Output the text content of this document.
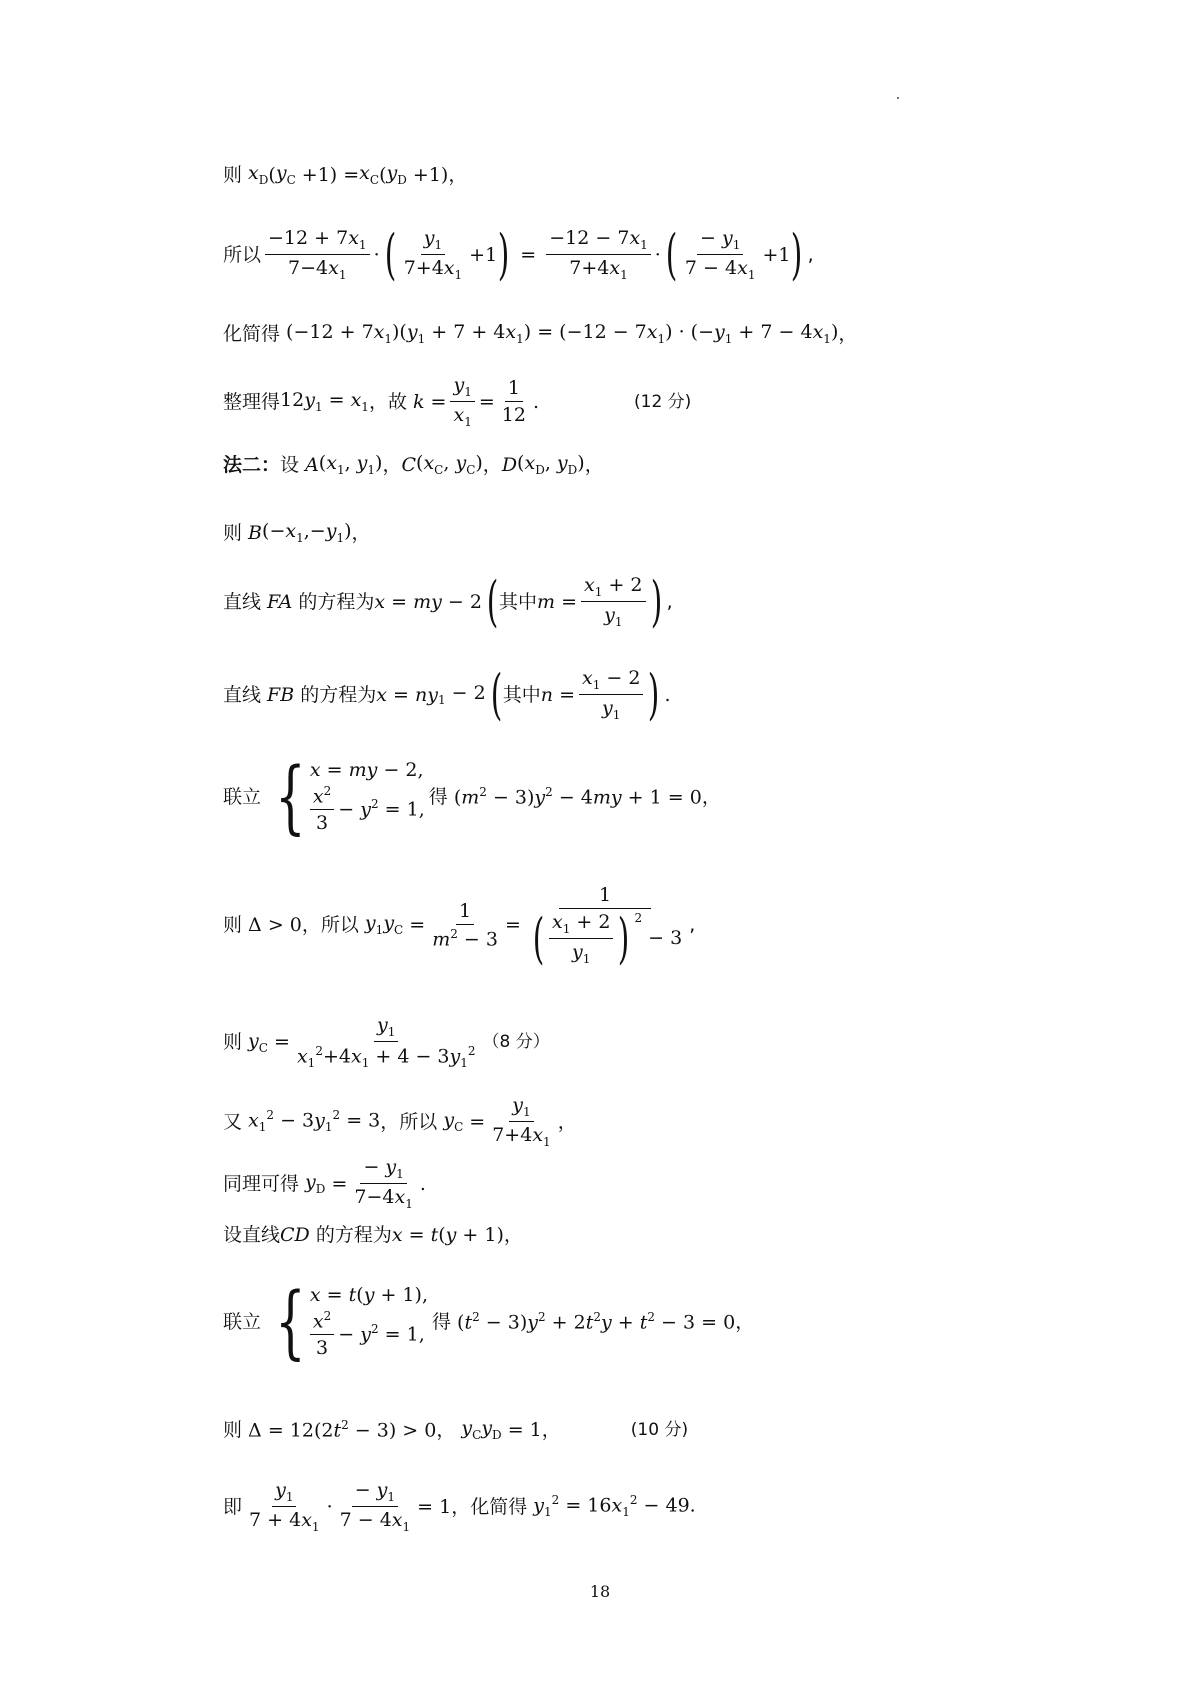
则 $x_D$ ( $y_C +1) = x_C$ ( $y_D +1$) ，
所以 $\frac{-12 + 7x_1}{7-4x_1}$ · ( $\frac{y_1}{7+4x_1} +1$ ) = $\frac{-12 - 7x_1}{7+4x_1}$ · ( $\frac{- y_1}{7 - 4x_1} +1$ ) ,
化简得 $(-12 + 7x_1)(y_1 + 7 + 4x_1) = (-12 - 7x_1) \cdot (-y_1 + 7 - 4x_1)$ ，
整理得 $12y_1 = x_1$ ，故 $k = \frac{y_1}{x_1} = \frac{1}{12}$ .	(12 分)
法二： 设 A ($x_1$, $y_1$) ， C ($x_C$, $y_C$) ， D ($x_D$, $y_D$) ，
则 B $(-x_1,-y_1)$ ，
直线 FA 的方程为 x = my − 2 ( 其中 $m = \frac{x_1 + 2}{y_1}$ ) ,
直线 FB 的方程为 x = ny $_1$ − 2 ( 其中 $n = \frac{x_1 - 2}{y_1}$ ) .
联立 { x = my − 2,
$\frac{x^2}{3} - y^2 = 1$,
得 $(m^2 - 3)y^2 - 4my + 1 = 0$ ，
则 Δ > 0 ，所以 $y_1y_C = \frac{1}{m^2 - 3} = 1$
( $\frac{x_1 + 2}{y_1}$ ) $^2$
− 3 ,
则 $y_C = \frac{y_1}{x_1^2+4x_1 + 4 - 3y_1^2} (8$ 分）
又 $x_1^2 - 3y_1^2 = 3$ ，所以 $y_C = \frac{y_1}{7+4x_1}$ ，
同理可得 $y_D = \frac{- y_1}{7-4x_1}$ .
设直线 CD 的方程为 x = t(y + 1) ，
联立 { x = t(y + 1),
$\frac{x^2}{3} - y^2 = 1$,
得 $(t^2 - 3)y^2 + 2t^2y + t^2 - 3 = 0$ ，
则 $\Delta = 12(2t^2 - 3) > 0$ ， $y_Cy_D = 1$ ，	(10 分)
即 $\frac{y_1}{7 + 4x_1} \cdot \frac{- y_1}{7 - 4x_1} = 1$ ，化简得 $y_1^2 = 16x_1^2 - 49$.
18
